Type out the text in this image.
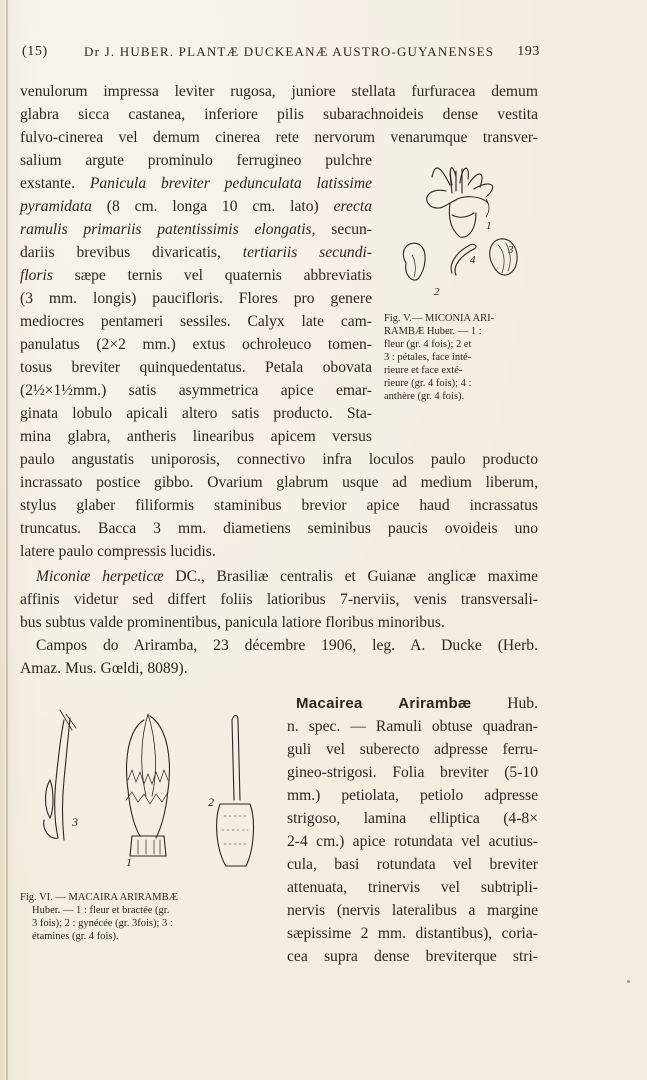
(15)	Dr J. HUBER. PLANTÆ DUCKEANÆ AUSTRO-GUYANENSES 193
venulorum impressa leviter rugosa, juniore stellata furfuracea demum
glabra sicca castanea, inferiore pilis subarachnoideis dense vestita
fulvo-cinerea vel demum cinerea rete nervorum venarumque transver-
salium argute prominulo ferrugineo pulchre
exstante. Panicula breviter pedunculata latissime
pyramidata (8 cm. longa 10 cm. lato) erecta
ramulis primariis patentissimis elongatis, secun-
dariis brevibus divaricatis, tertiariis secundi-
floris sæpe ternis vel quaternis abbreviatis
(3 mm. longis) paucifloris. Flores pro genere
mediocres pentameri sessiles. Calyx late cam-
panulatus (2×2 mm.) extus ochroleuco tomen-
tosus breviter quinquedentatus. Petala obovata
(2½×1½mm.) satis asymmetrica apice emar-
ginata lobulo apicali altero satis producto. Sta-
mina glabra, antheris linearibus apicem versus
paulo angustatis uniporosis, connectivo infra loculos paulo producto
incrassato postice gibbo. Ovarium glabrum usque ad medium liberum,
stylus glaber filiformis staminibus brevior apice haud incrassatus
truncatus. Bacca 3 mm. diametiens seminibus paucis ovoideis uno
latere paulo compressis lucidis.
Miconiæ herpeticæ DC., Brasiliæ centralis et Guianæ anglicæ maxime
affinis videtur sed differt foliis latioribus 7-nerviis, venis transversali-
bus subtus valde prominentibus, panicula latiore floribus minoribus.
Campos do Ariramba, 23 décembre 1906, leg. A. Ducke (Herb.
Amaz. Mus. Gœldi, 8089).
Macairea Arirambæ Hub.
n. spec. — Ramuli obtuse quadran-
guli vel suberecto adpresse ferru-
gineo-strigosi. Folia breviter (5-10
mm.) petiolata, petiolo adpresse
strigoso, lamina elliptica (4-8×
2-4 cm.) apice rotundata vel acutius-
cula, basi rotundata vel breviter
attenuata, trinervis vel subtripli-
nervis (nervis lateralibus a margine
sæpissime 2 mm. distantibus), coria-
cea supra dense breviterque stri-
1
2
3
4
Fig. V.— MICONIA ARI-
RAMBÆ Huber. — 1 :
fleur (gr. 4 fois); 2 et
3 : pétales, face inté-
rieure et face exté-
rieure (gr. 4 fois); 4 :
anthère (gr. 4 fois).
1
2
3
Fig. VI. — MACAIRA ARIRAMBÆ
Huber. — 1 : fleur et bractée (gr.
3 fois); 2 : gynécée (gr. 3fois); 3 :
étamines (gr. 4 fois).
